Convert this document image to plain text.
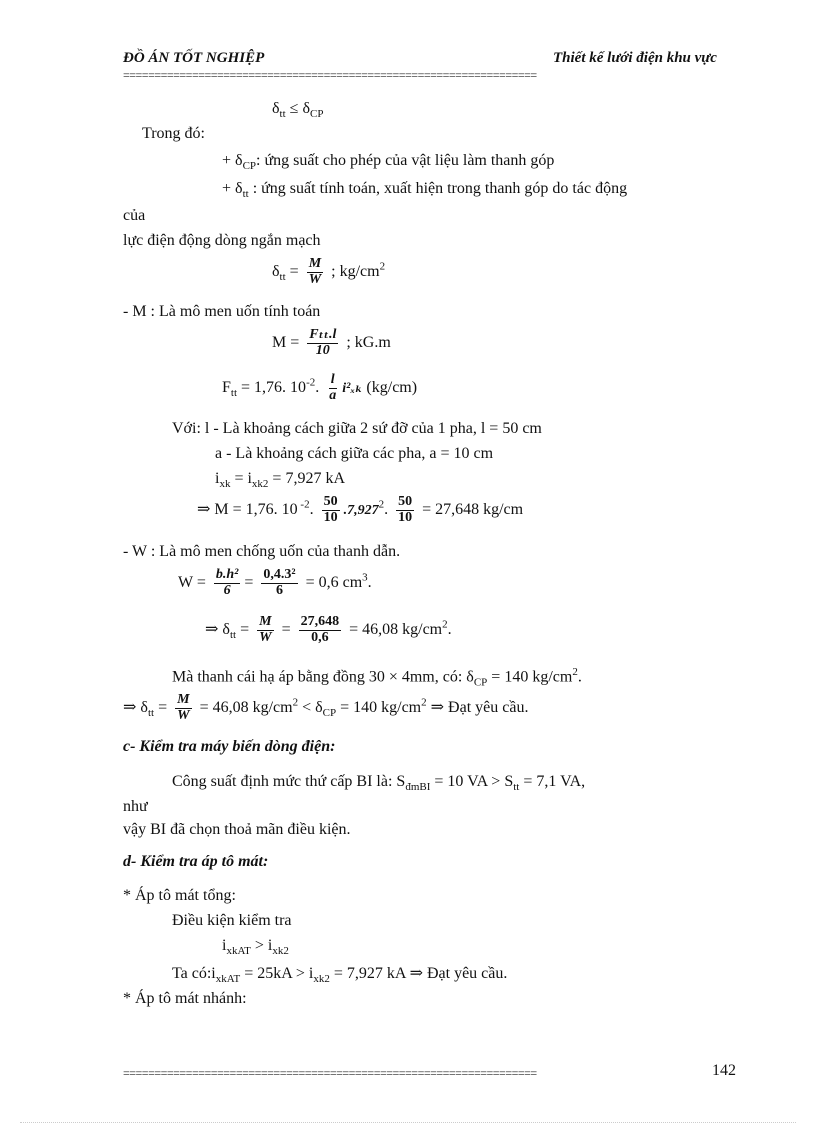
ĐỒ ÁN TỐT NGHIỆP	Thiết kế lưới điện khu vực
==================================================================
$\delta_{tt} \le \delta_{CP}$
Trong đó:
+ $\delta_{CP}$: ứng suất cho phép của vật liệu làm thanh góp
+ $\delta_{tt}$ : ứng suất tính toán, xuất hiện trong thanh góp do tác động
của
lực điện động dòng ngắn mạch
$\delta_{tt} = \frac{M}{W}$ ; $kg/cm^2$
- M : Là mô men uốn tính toán
$M = \frac{\text{Fₜₜ.l}}{10}$ ; kG.m
$F_{tt} = 1,76$. $10^{-2}$. $\frac{l}{a} i^2_{xk}$ (kg/cm)
Với: l - Là khoảng cách giữa 2 sứ đỡ của 1 pha, l = 50 cm
a - Là khoảng cách giữa các pha, a = 10 cm
$i_{xk} = i_{xk2} = 7,927$ kA
⇒ M = 1,76. 10 $^{-2}$. $\frac{50}{10} .7,927^2$. $\frac{50}{10} = 27,648$ kg/cm
- W : Là mô men chống uốn của thanh dẫn.
$W = \frac{\text{b.h²}}{6} = \frac{\text{0,4.3²}}{6} = 0,6$ $cm^3$.
⇒ $\delta_{tt} = \frac{M}{W} = \frac{27,648}{0,6} = 46,08$ $kg/cm^2$.
Mà thanh cái hạ áp bằng đồng 30 × 4mm, có: $\delta_{CP} = 140$ $kg/cm^2$.
⇒ $\delta_{tt} = \frac{M}{W} = 46,08$ $kg/cm^2 < \delta_{CP} = 140$ $kg/cm^2$ ⇒ Đạt yêu cầu.
c- Kiểm tra máy biến dòng điện:
Công suất định mức thứ cấp BI là: $S_{đmBI} = 10$ VA > $S_{tt} = 7,1$ VA,
như
vậy BI đã chọn thoả mãn điều kiện.
d- Kiểm tra áp tô mát:
* Áp tô mát tổng:
Điều kiện kiểm tra
$i_{xkAT} > i_{xk2}$
Ta $có:i_{xkAT} = 25kA > i_{xk2} = 7,927$ kA ⇒ Đạt yêu cầu.
* Áp tô mát nhánh:
==================================================================	142
